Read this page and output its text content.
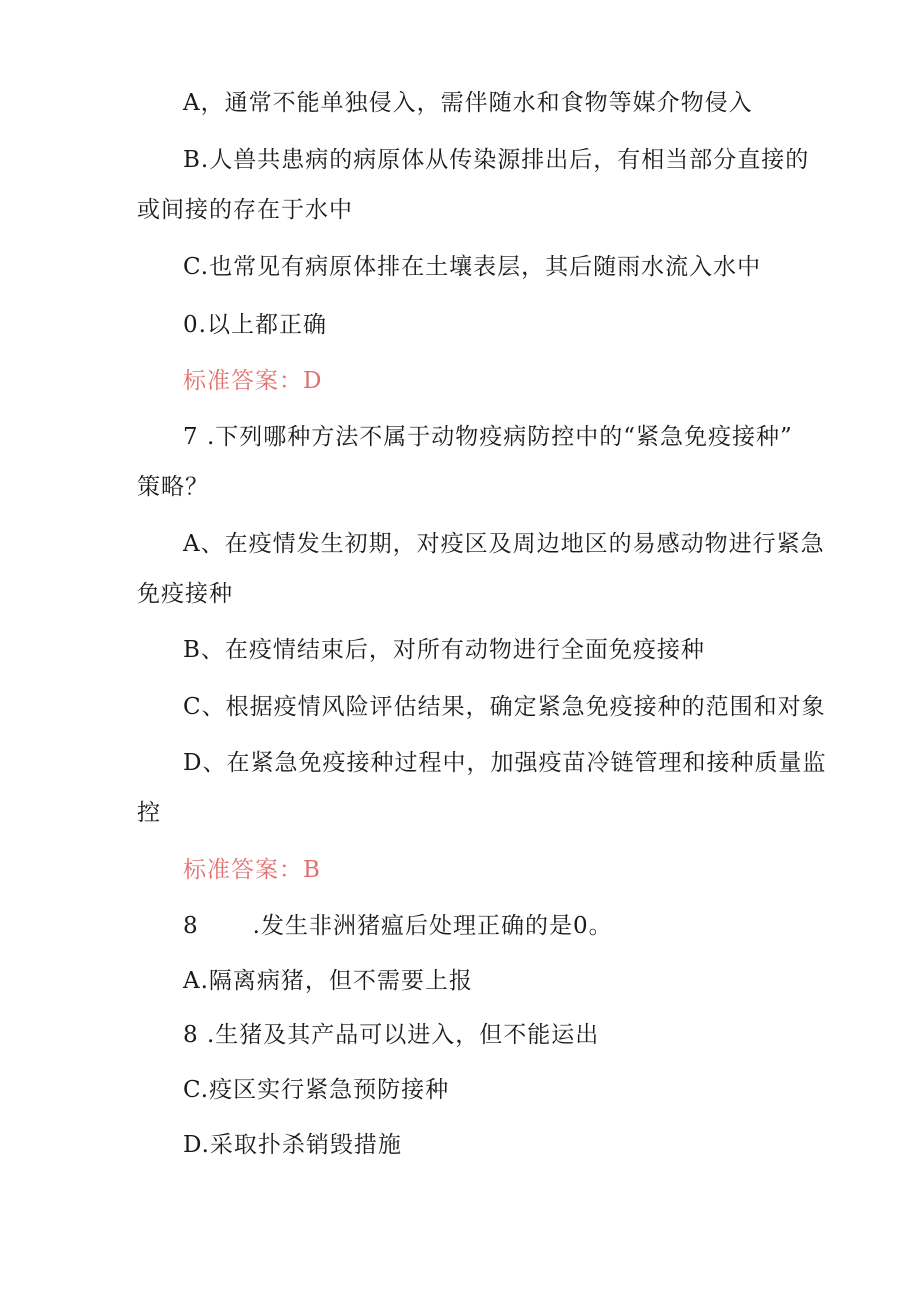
A，通常不能单独侵入，需伴随水和食物等媒介物侵入
B.人兽共患病的病原体从传染源排出后，有相当部分直接的
或间接的存在于水中
C.也常见有病原体排在土壤表层，其后随雨水流入水中
0.以上都正确
标准答案：D
7 .下列哪种方法不属于动物疫病防控中的“紧急免疫接种”
策略？
A、在疫情发生初期，对疫区及周边地区的易感动物进行紧急
免疫接种
B、在疫情结束后，对所有动物进行全面免疫接种
C、根据疫情风险评估结果，确定紧急免疫接种的范围和对象
D、在紧急免疫接种过程中，加强疫苗冷链管理和接种质量监
控
标准答案：B
8 .发生非洲猪瘟后处理正确的是0。
A.隔离病猪，但不需要上报
8 .生猪及其产品可以进入，但不能运出
C.疫区实行紧急预防接种
D.采取扑杀销毁措施
